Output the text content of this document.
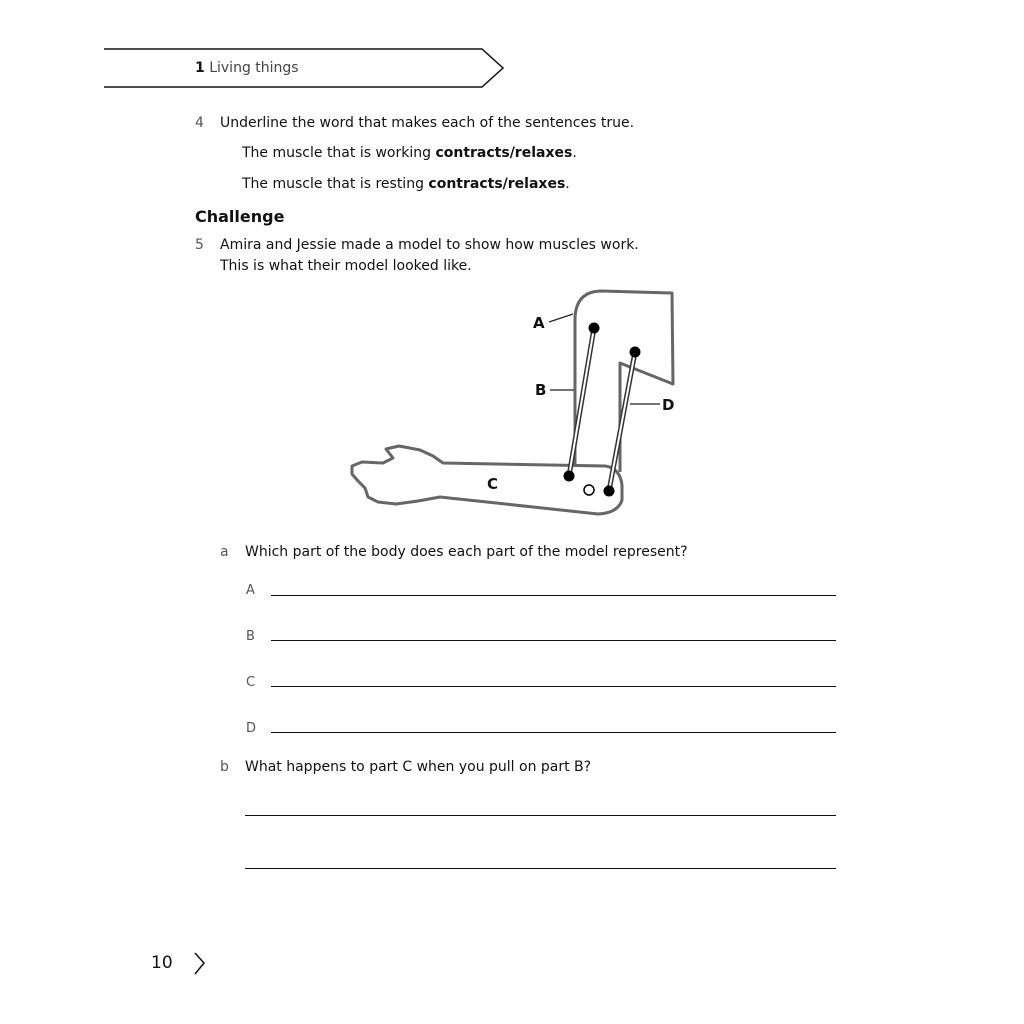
1 Living things
4 Underline the word that makes each of the sentences true.
The muscle that is working contracts/relaxes.
The muscle that is resting contracts/relaxes.
Challenge
5 Amira and Jessie made a model to show how muscles work.
This is what their model looked like.
A
B
C
D
a Which part of the body does each part of the model represent?
A
B
C
D
b What happens to part C when you pull on part B?
10
